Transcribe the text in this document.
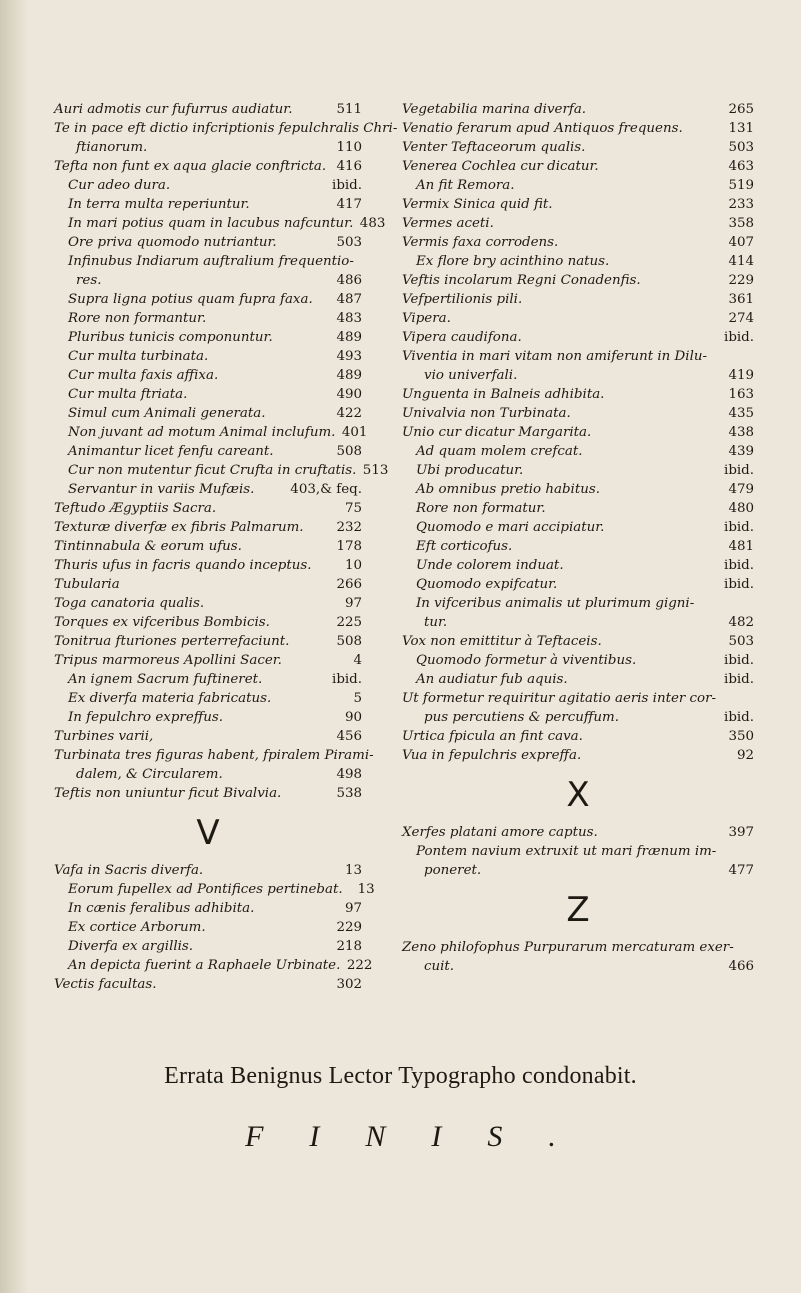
Auri admotis cur fufurrus audiatur.	511
Te in pace eft dictio infcriptionis fepulchralis Chri-
ftianorum.	110
Tefta non funt ex aqua glacie conftricta. 416
Cur adeo dura.	ibid.
In terra multa reperiuntur.	417
In mari potius quam in lacubus nafcuntur. 483
Ore priva quomodo nutriantur.	503
Infinubus Indiarum auftralium frequentio-
res.	486
Supra ligna potius quam fupra faxa.	487
Rore non formantur.	483
Pluribus tunicis componuntur.	489
Cur multa turbinata.	493
Cur multa faxis affixa.	489
Cur multa ftriata.	490
Simul cum Animali generata.	422
Non juvant ad motum Animal inclufum. 401
Animantur licet fenfu careant.	508
Cur non mutentur ficut Crufta in cruftatis. 513
Servantur in variis Mufæis.	403,& feq.
Teftudo Ægyptiis Sacra.	75
Texturæ diverfæ ex fibris Palmarum.	232
Tintinnabula & eorum ufus.	178
Thuris ufus in facris quando inceptus.	10
Tubularia	266
Toga canatoria qualis.	97
Torques ex vifceribus Bombicis.	225
Tonitrua fturiones perterrefaciunt.	508
Tripus marmoreus Apollini Sacer.	4
An ignem Sacrum fuftineret.	ibid.
Ex diverfa materia fabricatus.	5
In fepulchro expreffus.	90
Turbines varii,	456
Turbinata tres figuras habent, fpiralem Pirami-
dalem, & Circularem.	498
Teftis non uniuntur ficut Bivalvia.	538
V
Vafa in Sacris diverfa.	13
Eorum fupellex ad Pontifices pertinebat.	13
In cænis feralibus adhibita.	97
Ex cortice Arborum.	229
Diverfa ex argillis.	218
An depicta fuerint a Raphaele Urbinate. 222
Vectis facultas.	302
Vegetabilia marina diverfa.	265
Venatio ferarum apud Antiquos frequens.	131
Venter Teftaceorum qualis.	503
Venerea Cochlea cur dicatur.	463
An fit Remora.	519
Vermix Sinica quid fit.	233
Vermes aceti.	358
Vermis faxa corrodens.	407
Ex flore bry acinthino natus.	414
Veftis incolarum Regni Conadenfis.	229
Vefpertilionis pili.	361
Vipera.	274
Vipera caudifona.	ibid.
Viventia in mari vitam non amiferunt in Dilu-
vio univerfali.	419
Unguenta in Balneis adhibita.	163
Univalvia non Turbinata.	435
Unio cur dicatur Margarita.	438
Ad quam molem crefcat.	439
Ubi producatur.	ibid.
Ab omnibus pretio habitus.	479
Rore non formatur.	480
Quomodo e mari accipiatur.	ibid.
Eft corticofus.	481
Unde colorem induat.	ibid.
Quomodo expifcatur.	ibid.
In vifceribus animalis ut plurimum gigni-
tur.	482
Vox non emittitur à Teftaceis.	503
Quomodo formetur à viventibus.	ibid.
An audiatur fub aquis.	ibid.
Ut formetur requiritur agitatio aeris inter cor-
pus percutiens & percuffum.	ibid.
Urtica fpicula an fint cava.	350
Vua in fepulchris expreffa.	92
X
Xerfes platani amore captus.	397
Pontem navium extruxit ut mari frænum im-
poneret.	477
Z
Zeno philofophus Purpurarum mercaturam exer-
cuit.	466
Errata Benignus Lector Typographo condonabit.
FINIS.
